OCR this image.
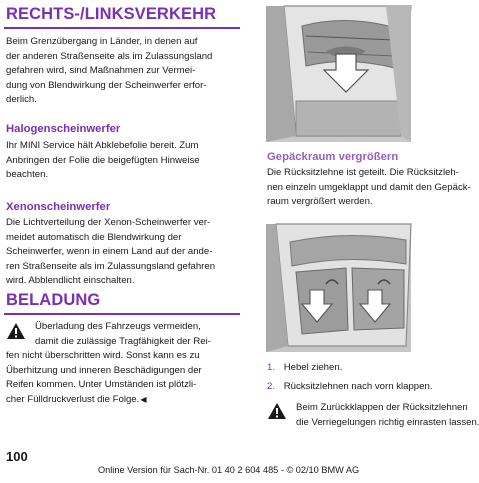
RECHTS-/LINKSVERKEHR
Beim Grenzübergang in Länder, in denen auf
der anderen Straßenseite als im Zulassungsland
gefahren wird, sind Maßnahmen zur Vermei-
dung von Blendwirkung der Scheinwerfer erfor-
derlich.
Halogenscheinwerfer
Ihr MINI Service hält Abklebefolie bereit. Zum
Anbringen der Folie die beigefügten Hinweise
beachten.
Xenonscheinwerfer
Die Lichtverteilung der Xenon-Scheinwerfer ver-
meidet automatisch die Blendwirkung der
Scheinwerfer, wenn in einem Land auf der ande-
ren Straßenseite als im Zulassungsland gefahren
wird. Abblendlicht einschalten.
BELADUNG
Überladung des Fahrzeugs vermeiden,
damit die zulässige Tragfähigkeit der Rei-
fen nicht überschritten wird. Sonst kann es zu
Überhitzung und inneren Beschädigungen der
Reifen kommen. Unter Umständen ist plötzli-
cher Fülldruckverlust die Folge.◀
Gepäckraum vergrößern
Die Rücksitzlehne ist geteilt. Die Rücksitzleh-
nen einzeln umgeklappt und damit den Gepäck-
raum vergrößert werden.
1. Hebel ziehen.
2. Rücksitzlehnen nach vorn klappen.
Beim Zurückklappen der Rücksitzlehnen
die Verriegelungen richtig einrasten lassen.
100
Online Version für Sach-Nr. 01 40 2 604 485 - © 02/10 BMW AG
